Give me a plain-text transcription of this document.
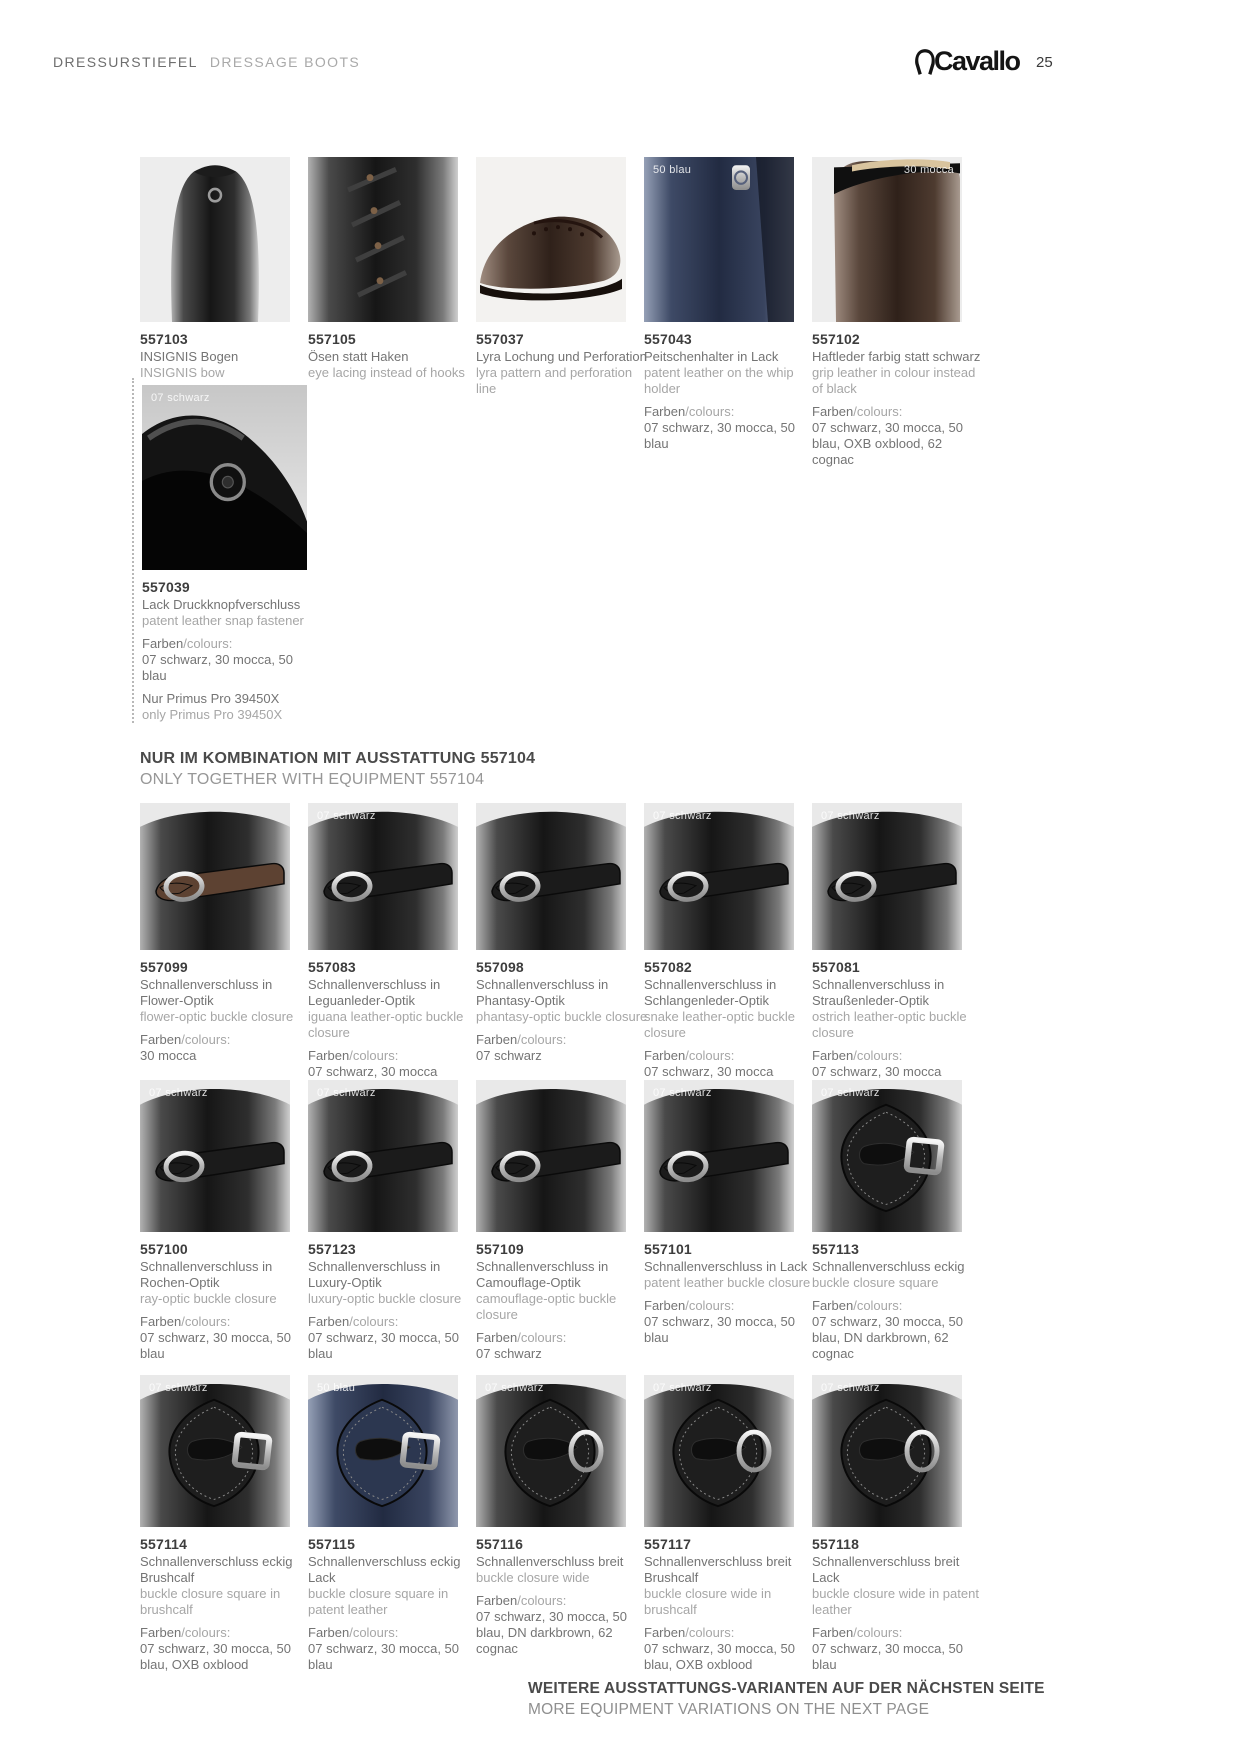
DRESSURSTIEFEL DRESSAGE BOOTS	Cavallo 25
557103
INSIGNIS Bogen
INSIGNIS bow
557105
Ösen statt Haken
eye lacing instead of hooks
557037
Lyra Lochung und Perforation
lyra pattern and perforation line
50 blau
557043
Peitschenhalter in Lack
patent leather on the whip holder
Farben/colours:
07 schwarz, 30 mocca, 50 blau
30 mocca
557102
Haftleder farbig statt schwarz
grip leather in colour instead of black
Farben/colours:
07 schwarz, 30 mocca, 50 blau, OXB oxblood, 62 cognac
07 schwarz
557039
Lack Druckknopfverschluss
patent leather snap fastener
Farben/colours:
07 schwarz, 30 mocca, 50 blau
Nur Primus Pro 39450X
only Primus Pro 39450X
NUR IM KOMBINATION MIT AUSSTATTUNG 557104
ONLY TOGETHER WITH EQUIPMENT 557104
557099
Schnallenverschluss in Flower-Optik
flower-optic buckle closure
Farben/colours:
30 mocca
07 schwarz
557083
Schnallenverschluss in Leguanleder-Optik
iguana leather-optic buckle closure
Farben/colours:
07 schwarz, 30 mocca
557098
Schnallenverschluss in Phantasy-Optik
phantasy-optic buckle closure
Farben/colours:
07 schwarz
07 schwarz
557082
Schnallenverschluss in Schlangenleder-Optik
snake leather-optic buckle closure
Farben/colours:
07 schwarz, 30 mocca
07 schwarz
557081
Schnallenverschluss in Straußenleder-Optik
ostrich leather-optic buckle closure
Farben/colours:
07 schwarz, 30 mocca
07 schwarz
557100
Schnallenverschluss in Rochen-Optik
ray-optic buckle closure
Farben/colours:
07 schwarz, 30 mocca, 50 blau
07 schwarz
557123
Schnallenverschluss in Luxury-Optik
luxury-optic buckle closure
Farben/colours:
07 schwarz, 30 mocca, 50 blau
557109
Schnallenverschluss in Camouflage-Optik
camouflage-optic buckle closure
Farben/colours:
07 schwarz
07 schwarz
557101
Schnallenverschluss in Lack
patent leather buckle closure
Farben/colours:
07 schwarz, 30 mocca, 50 blau
07 schwarz
557113
Schnallenverschluss eckig
buckle closure square
Farben/colours:
07 schwarz, 30 mocca, 50 blau, DN darkbrown, 62 cognac
07 schwarz
557114
Schnallenverschluss eckig Brushcalf
buckle closure square in brushcalf
Farben/colours:
07 schwarz, 30 mocca, 50 blau, OXB oxblood
50 blau
557115
Schnallenverschluss eckig Lack
buckle closure square in patent leather
Farben/colours:
07 schwarz, 30 mocca, 50 blau
07 schwarz
557116
Schnallenverschluss breit
buckle closure wide
Farben/colours:
07 schwarz, 30 mocca, 50 blau, DN darkbrown, 62 cognac
07 schwarz
557117
Schnallenverschluss breit Brushcalf
buckle closure wide in brushcalf
Farben/colours:
07 schwarz, 30 mocca, 50 blau, OXB oxblood
07 schwarz
557118
Schnallenverschluss breit Lack
buckle closure wide in patent leather
Farben/colours:
07 schwarz, 30 mocca, 50 blau
WEITERE AUSSTATTUNGS-VARIANTEN AUF DER NÄCHSTEN SEITE
MORE EQUIPMENT VARIATIONS ON THE NEXT PAGE
